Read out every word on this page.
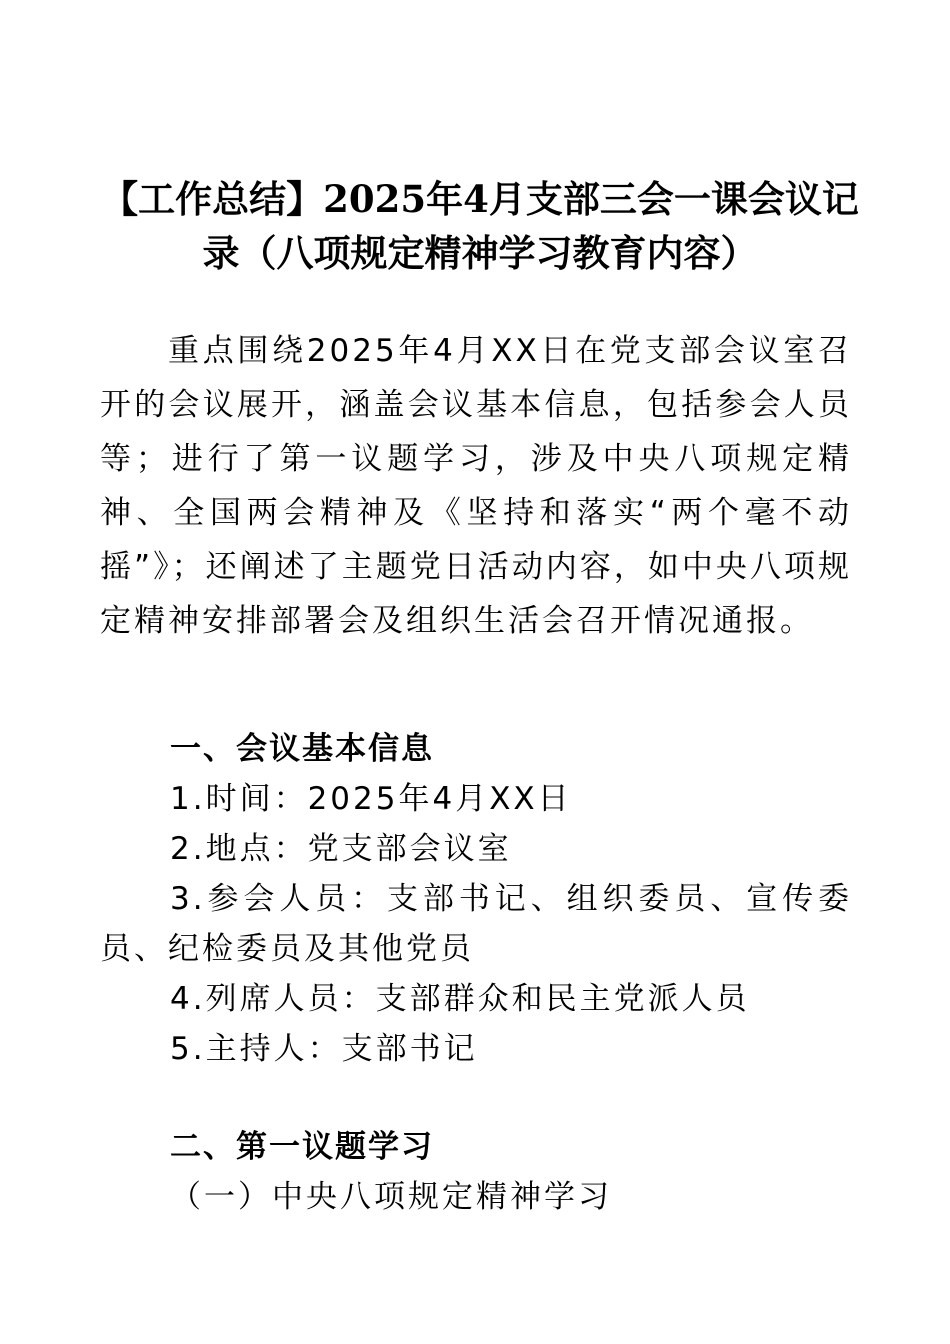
【工作总结】2025年4月支部三会一课会议记录（八项规定精神学习教育内容）

重点围绕2025年4月XX日在党支部会议室召开的会议展开，涵盖会议基本信息，包括参会人员等；进行了第一议题学习，涉及中央八项规定精神、全国两会精神及《坚持和落实“两个毫不动摇”》；还阐述了主题党日活动内容，如中央八项规定精神安排部署会及组织生活会召开情况通报。

一、会议基本信息

1.时间：2025年4月XX日

2.地点：党支部会议室

3.参会人员：支部书记、组织委员、宣传委员、纪检委员及其他党员

4.列席人员：支部群众和民主党派人员

5.主持人：支部书记

二、第一议题学习

（一）中央八项规定精神学习
